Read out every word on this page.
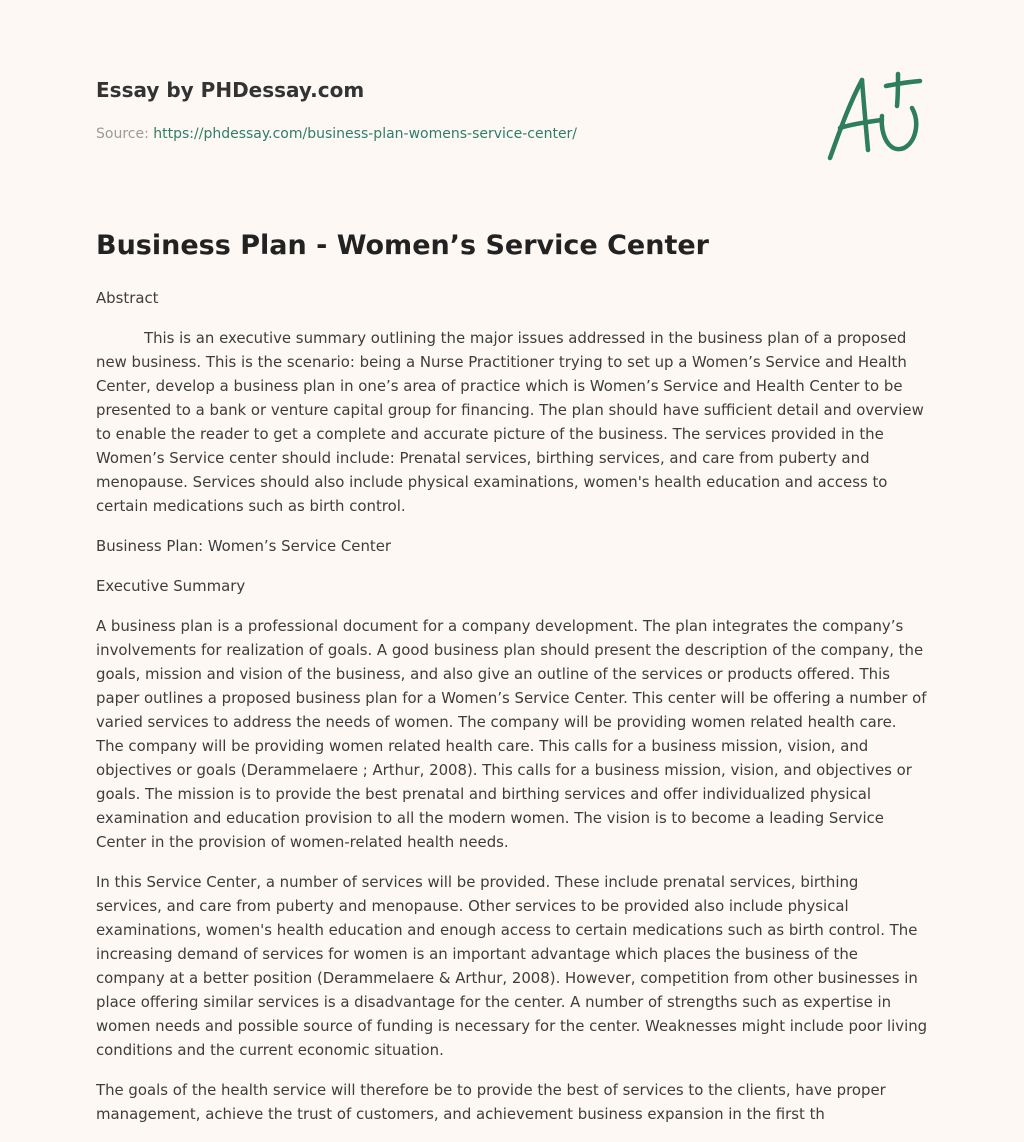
Essay by PHDessay.com
Source: https://phdessay.com/business-plan-womens-service-center/
Business Plan - Women’s Service Center

Abstract

This is an executive summary outlining the major issues addressed in the business plan of a proposed new business. This is the scenario: being a Nurse Practitioner trying to set up a Women’s Service and Health Center, develop a business plan in one’s area of practice which is Women’s Service and Health Center to be presented to a bank or venture capital group for financing. The plan should have sufficient detail and overview to enable the reader to get a complete and accurate picture of the business. The services provided in the Women’s Service center should include: Prenatal services, birthing services, and care from puberty and menopause. Services should also include physical examinations, women's health education and access to certain medications such as birth control.

Business Plan: Women’s Service Center

Executive Summary

A business plan is a professional document for a company development. The plan integrates the company’s involvements for realization of goals. A good business plan should present the description of the company, the goals, mission and vision of the business, and also give an outline of the services or products offered. This paper outlines a proposed business plan for a Women’s Service Center. This center will be offering a number of varied services to address the needs of women. The company will be providing women related health care. The company will be providing women related health care. This calls for a business mission, vision, and objectives or goals (Derammelaere ; Arthur, 2008). This calls for a business mission, vision, and objectives or goals. The mission is to provide the best prenatal and birthing services and offer individualized physical examination and education provision to all the modern women. The vision is to become a leading Service Center in the provision of women-related health needs.

In this Service Center, a number of services will be provided. These include prenatal services, birthing services, and care from puberty and menopause. Other services to be provided also include physical examinations, women's health education and enough access to certain medications such as birth control. The increasing demand of services for women is an important advantage which places the business of the company at a better position (Derammelaere & Arthur, 2008). However, competition from other businesses in place offering similar services is a disadvantage for the center. A number of strengths such as expertise in women needs and possible source of funding is necessary for the center. Weaknesses might include poor living conditions and the current economic situation.

The goals of the health service will therefore be to provide the best of services to the clients, have proper management, achieve the trust of customers, and achievement business expansion in the first th
